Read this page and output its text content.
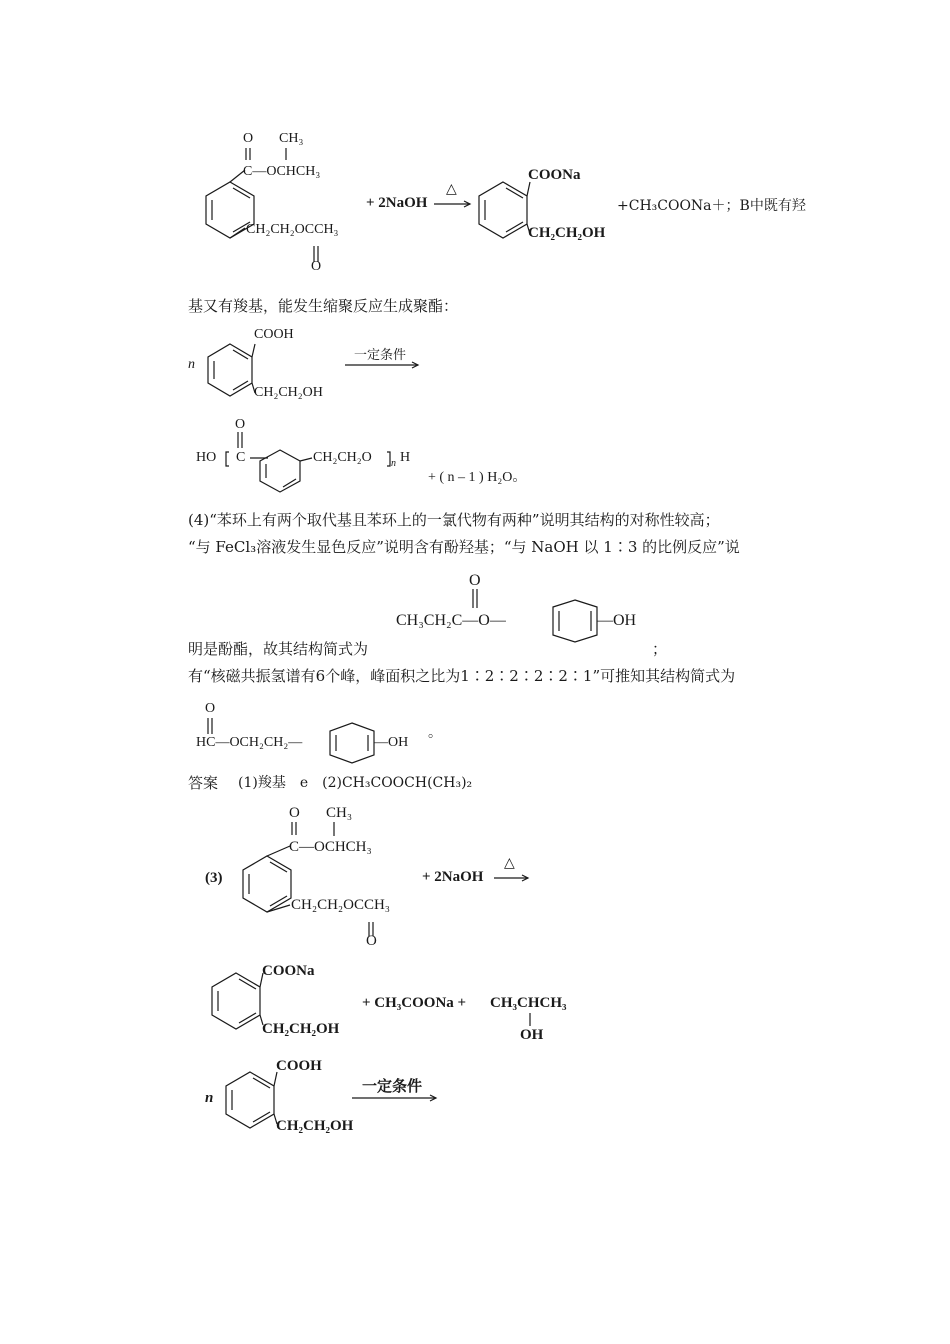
O CH₃
C—OCHCH₃
CH₂CH₂OCCH₃
O
+ 2NaOH
△
COONa
CH₂CH₂OH
+CH₃COONa＋；B中既有羟
基又有羧基，能发生缩聚反应生成聚酯：
n
COOH
CH₂CH₂OH
一定条件
HO
O
C	CH₂CH₂O n H
+ ( n – 1 ) H₂O。
(4)“苯环上有两个取代基且苯环上的一氯代物有两种”说明其结构的对称性较高；
“与 FeCl₃溶液发生显色反应”说明含有酚羟基；“与 NaOH 以 1∶3 的比例反应”说
O
CH₃CH₂C—O—	—OH
明是酚酯，故其结构简式为	；
有“核磁共振氢谱有6个峰，峰面积之比为1∶2∶2∶2∶2∶1”可推知其结构简式为
O
HC—OCH₂CH₂—	—OH
。
答案 (1)羧基　e　(2)CH₃COOCH(CH₃)₂
(3)
O CH₃
C—OCHCH₃
CH₂CH₂OCCH₃
O
+ 2NaOH
△
COONa
CH₂CH₂OH
+ CH₃COONa + CH₃CHCH₃
OH
n
COOH
CH₂CH₂OH
一定条件
